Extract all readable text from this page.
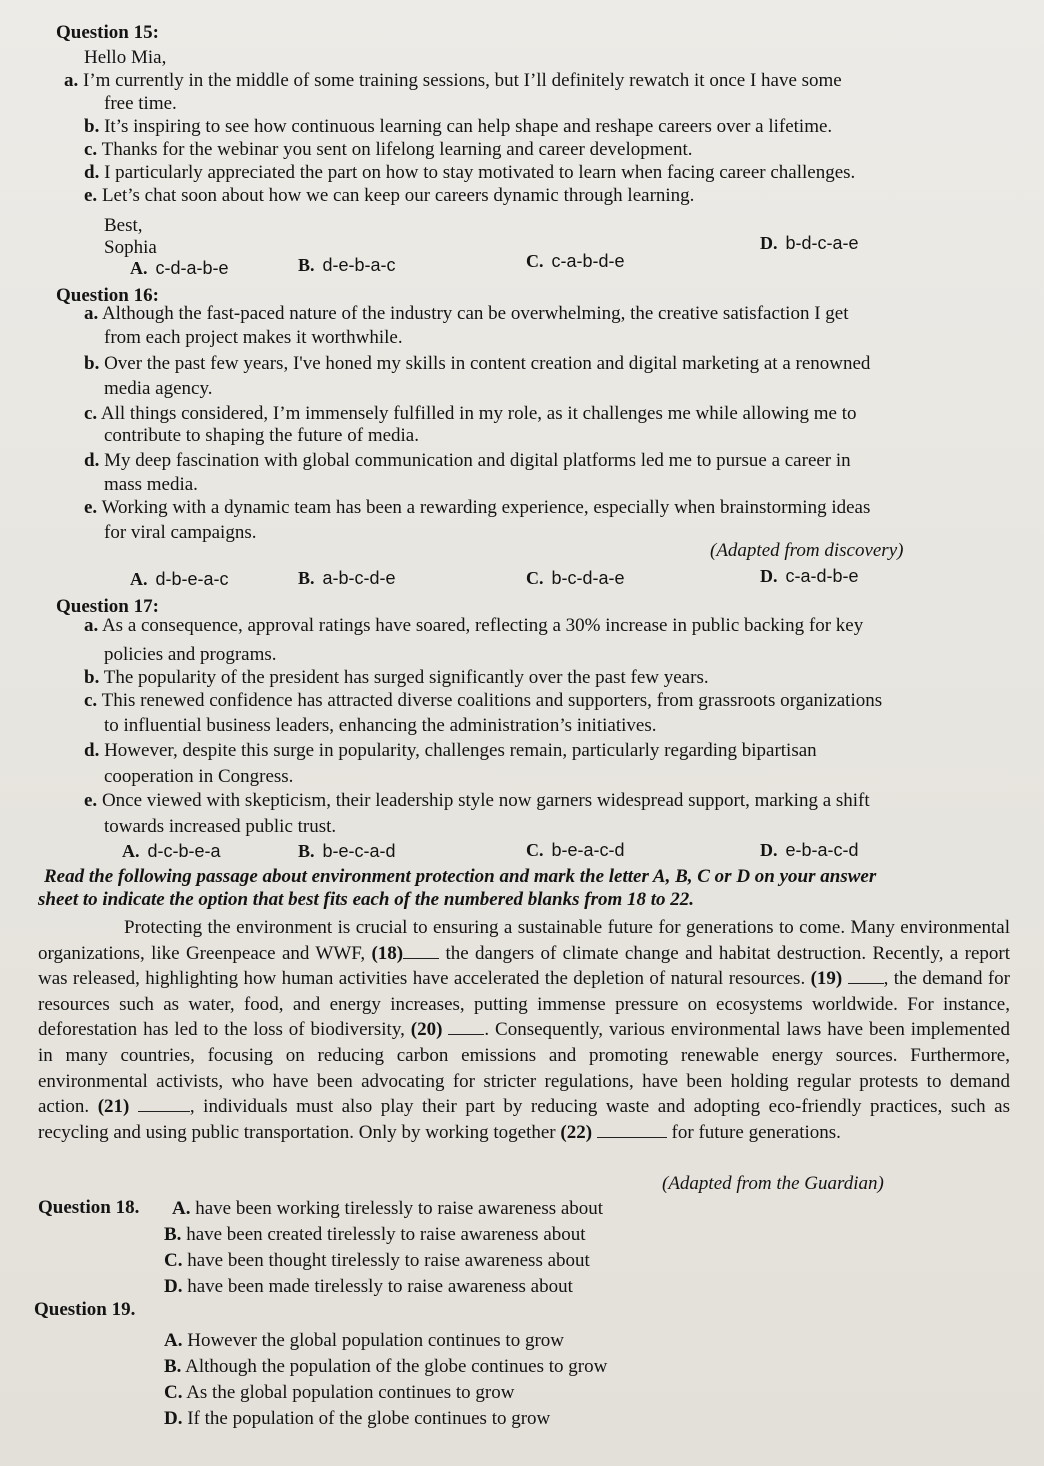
Question 15:
Hello Mia,
a. I’m currently in the middle of some training sessions, but I’ll definitely rewatch it once I have some
free time.
b. It’s inspiring to see how continuous learning can help shape and reshape careers over a lifetime.
c. Thanks for the webinar you sent on lifelong learning and career development.
d. I particularly appreciated the part on how to stay motivated to learn when facing career challenges.
e. Let’s chat soon about how we can keep our careers dynamic through learning.
Best,
Sophia
A. c-d-a-b-e	B. d-e-b-a-c	C. c-a-b-d-e
D. b-d-c-a-e
Question 16:
a. Although the fast-paced nature of the industry can be overwhelming, the creative satisfaction I get
from each project makes it worthwhile.
b. Over the past few years, I've honed my skills in content creation and digital marketing at a renowned
media agency.
c. All things considered, I’m immensely fulfilled in my role, as it challenges me while allowing me to
contribute to shaping the future of media.
d. My deep fascination with global communication and digital platforms led me to pursue a career in
mass media.
e. Working with a dynamic team has been a rewarding experience, especially when brainstorming ideas
for viral campaigns.
(Adapted from discovery)
A. d-b-e-a-c	B. a-b-c-d-e	C. b-c-d-a-e	D. c-a-d-b-e
Question 17:
a. As a consequence, approval ratings have soared, reflecting a 30% increase in public backing for key
policies and programs.
b. The popularity of the president has surged significantly over the past few years.
c. This renewed confidence has attracted diverse coalitions and supporters, from grassroots organizations
to influential business leaders, enhancing the administration’s initiatives.
d. However, despite this surge in popularity, challenges remain, particularly regarding bipartisan
cooperation in Congress.
e. Once viewed with skepticism, their leadership style now garners widespread support, marking a shift
towards increased public trust.
A. d-c-b-e-a	B. b-e-c-a-d	C. b-e-a-c-d	D. e-b-a-c-d
Read the following passage about environment protection and mark the letter A, B, C or D on your answer
sheet to indicate the option that best fits each of the numbered blanks from 18 to 22.
Protecting the environment is crucial to ensuring a sustainable future for generations to come. Many environmental organizations, like Greenpeace and WWF, (18) the dangers of climate change and habitat destruction. Recently, a report was released, highlighting how human activities have accelerated the depletion of natural resources. (19) , the demand for resources such as water, food, and energy increases, putting immense pressure on ecosystems worldwide. For instance, deforestation has led to the loss of biodiversity, (20) . Consequently, various environmental laws have been implemented in many countries, focusing on reducing carbon emissions and promoting renewable energy sources. Furthermore, environmental activists, who have been advocating for stricter regulations, have been holding regular protests to demand action. (21)	, individuals must also play their part by reducing waste and adopting eco-friendly practices, such as recycling and using public transportation. Only by working together (22)	for future generations.
(Adapted from the Guardian)
Question 18. A. have been working tirelessly to raise awareness about
B. have been created tirelessly to raise awareness about
C. have been thought tirelessly to raise awareness about
D. have been made tirelessly to raise awareness about
Question 19.
A. However the global population continues to grow
B. Although the population of the globe continues to grow
C. As the global population continues to grow
D. If the population of the globe continues to grow
